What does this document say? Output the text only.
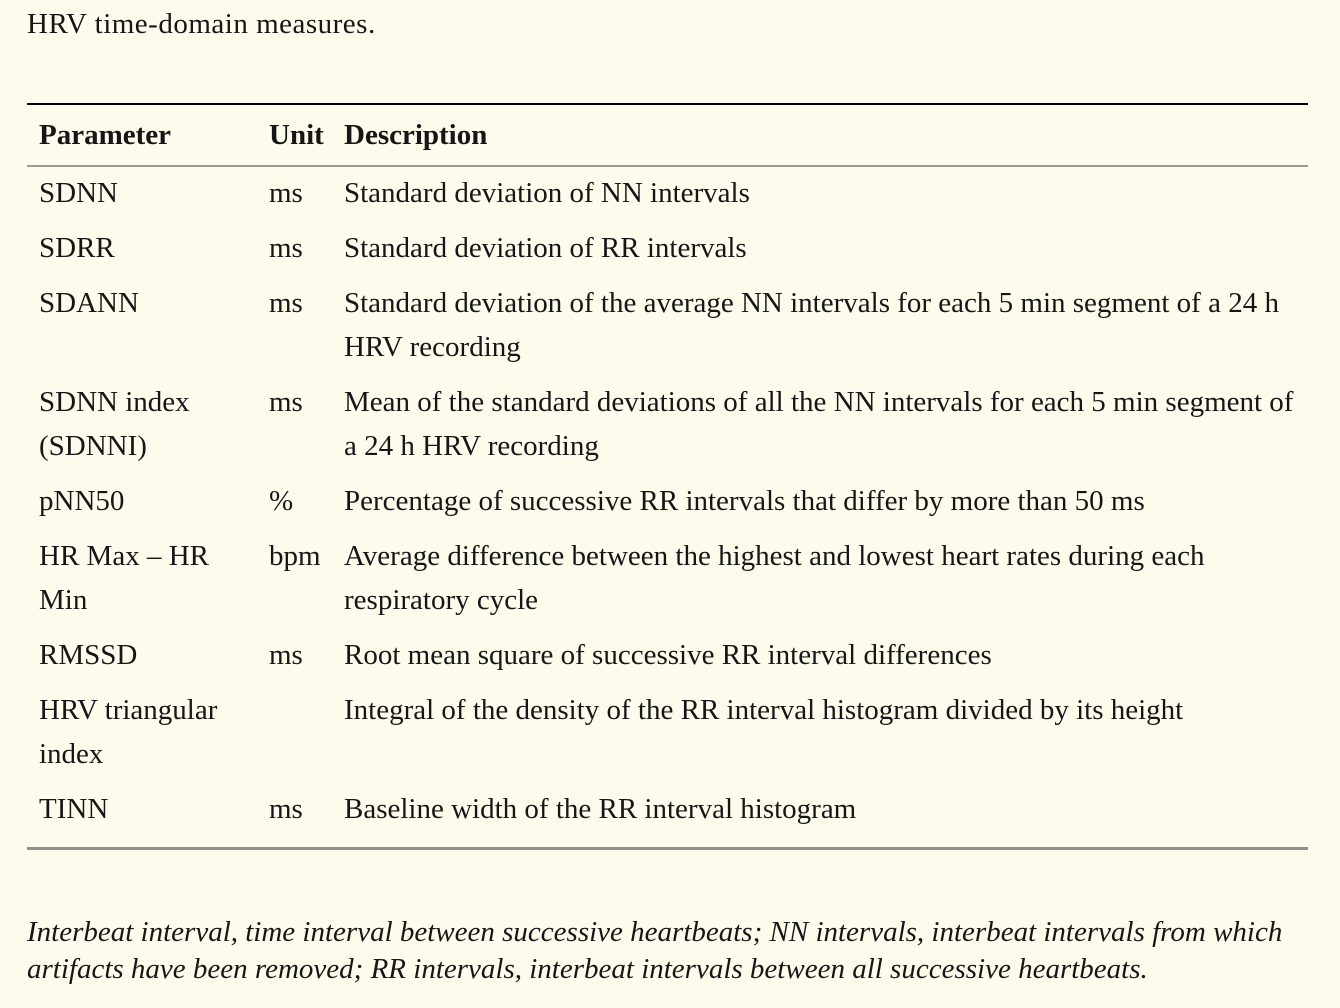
HRV time-domain measures.
Parameter	Unit	Description
SDNN	ms	Standard deviation of NN intervals
SDRR	ms	Standard deviation of RR intervals
SDANN	ms	Standard deviation of the average NN intervals for each 5 min segment of a 24 h HRV recording
SDNN index (SDNNI)	ms	Mean of the standard deviations of all the NN intervals for each 5 min segment of a 24 h HRV recording
pNN50	%	Percentage of successive RR intervals that differ by more than 50 ms
HR Max – HR Min	bpm	Average difference between the highest and lowest heart rates during each respiratory cycle
RMSSD	ms	Root mean square of successive RR interval differences
HRV triangular index		Integral of the density of the RR interval histogram divided by its height
TINN	ms	Baseline width of the RR interval histogram
Interbeat interval, time interval between successive heartbeats; NN intervals, interbeat intervals from which artifacts have been removed; RR intervals, interbeat intervals between all successive heartbeats.
